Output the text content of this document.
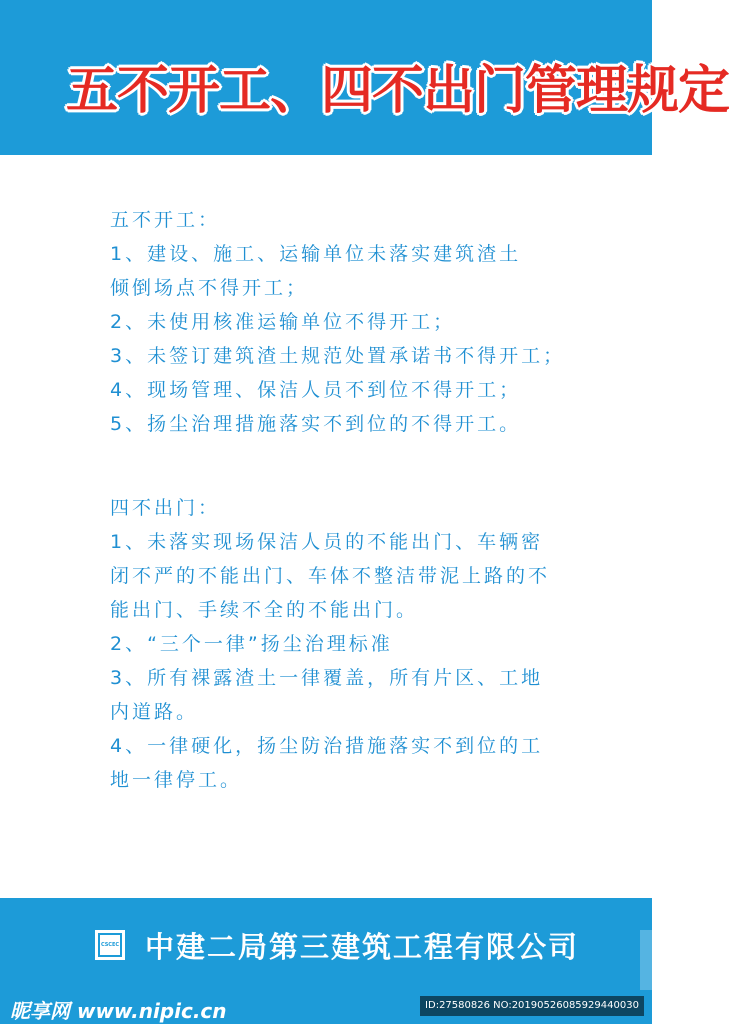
五不开工、四不出门管理规定

五不开工：

1、建设、施工、运输单位未落实建筑渣土

倾倒场点不得开工；

2、未使用核准运输单位不得开工；

3、未签订建筑渣土规范处置承诺书不得开工；

4、现场管理、保洁人员不到位不得开工；

5、扬尘治理措施落实不到位的不得开工。

四不出门：

1、未落实现场保洁人员的不能出门、车辆密

闭不严的不能出门、车体不整洁带泥上路的不

能出门、手续不全的不能出门。

2、“三个一律”扬尘治理标准

3、所有裸露渣土一律覆盖，所有片区、工地

内道路。

4、一律硬化，扬尘防治措施落实不到位的工

地一律停工。

CSCEC 中建二局第三建筑工程有限公司
昵享网 www.nipic.cn	ID:27580826 NO:20190526085929440030
